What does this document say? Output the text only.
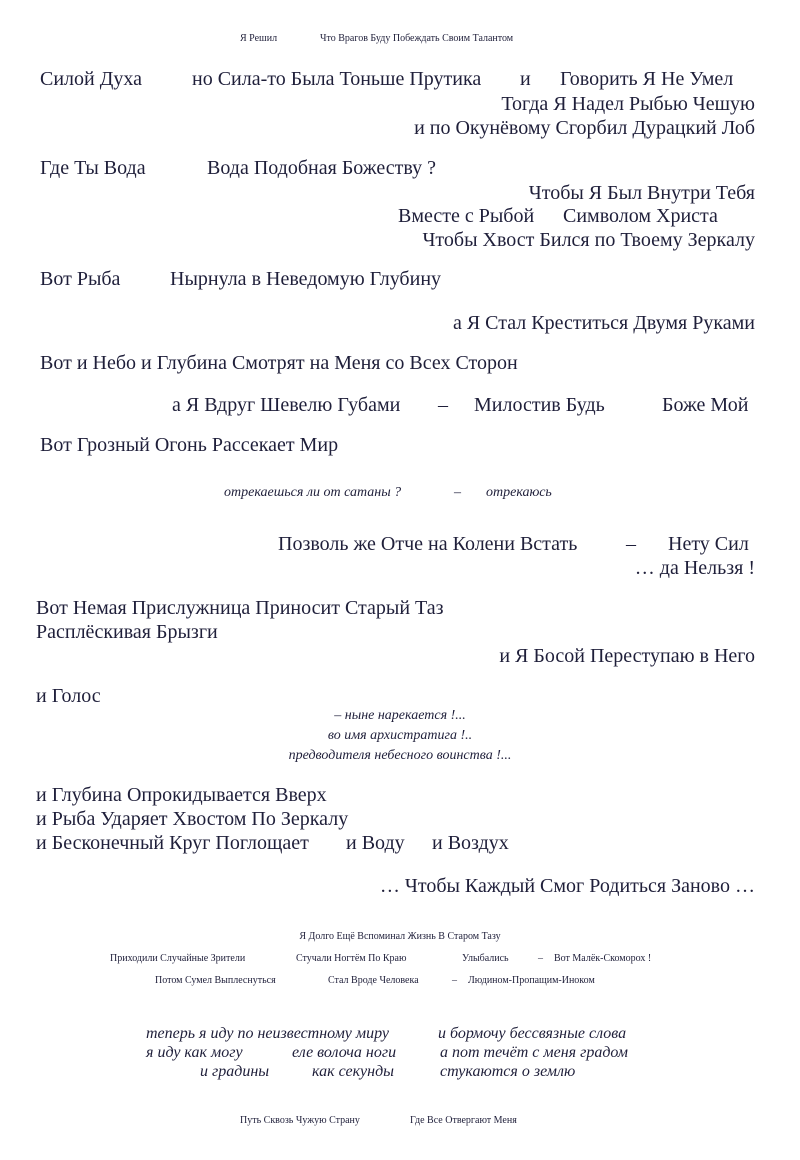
Я Решил	Что Врагов Буду Побеждать Своим Талантом
Силой Духа	но Сила-то Была Тоньше Прутика и Говорить Я Не Умел
Тогда Я Надел Рыбью Чешую
и по Окунёвому Сгорбил Дурацкий Лоб
Где Ты Вода	Вода Подобная Божеству ?
Чтобы Я Был Внутри Тебя
Вместе с Рыбой Символом Христа
Чтобы Хвост Бился по Твоему Зеркалу
Вот Рыба Нырнула в Неведомую Глубину
а Я Стал Креститься Двумя Руками
Вот и Небо и Глубина Смотрят на Меня со Всех Сторон
а Я Вдруг Шевелю Губами – Милостив Будь	Боже Мой
Вот Грозный Огонь Рассекает Мир
отрекаешься ли от сатаны ?	– отрекаюсь
Позволь же Отче на Колени Встать – Нету Сил
… да Нельзя !
Вот Немая Прислужница Приносит Старый Таз
Расплёскивая Брызги
и Я Босой Переступаю в Него
и Голос
– ныне нарекается !...
во имя архистратига !..
предводителя небесного воинства !...
и Глубина Опрокидывается Вверх
и Рыба Ударяет Хвостом По Зеркалу
и Бесконечный Круг Поглощает и Воду и Воздух
… Чтобы Каждый Смог Родиться Заново …
Я Долго Ещё Вспоминал Жизнь В Старом Тазу
Приходили Случайные Зрители	Стучали Ногтём По Краю	Улыбались	– Вот Малёк-Скоморох !
Потом Сумел Выплеснуться	Стал Вроде Человека	– Людином-Пропащим-Иноком
теперь я иду по неизвестному миру	и бормочу бессвязные слова
я иду как могу	еле волоча ноги	а пот течёт с меня градом
и градины	как секунды	стукаются о землю
Путь Сквозь Чужую Страну	Где Все Отвергают Меня
